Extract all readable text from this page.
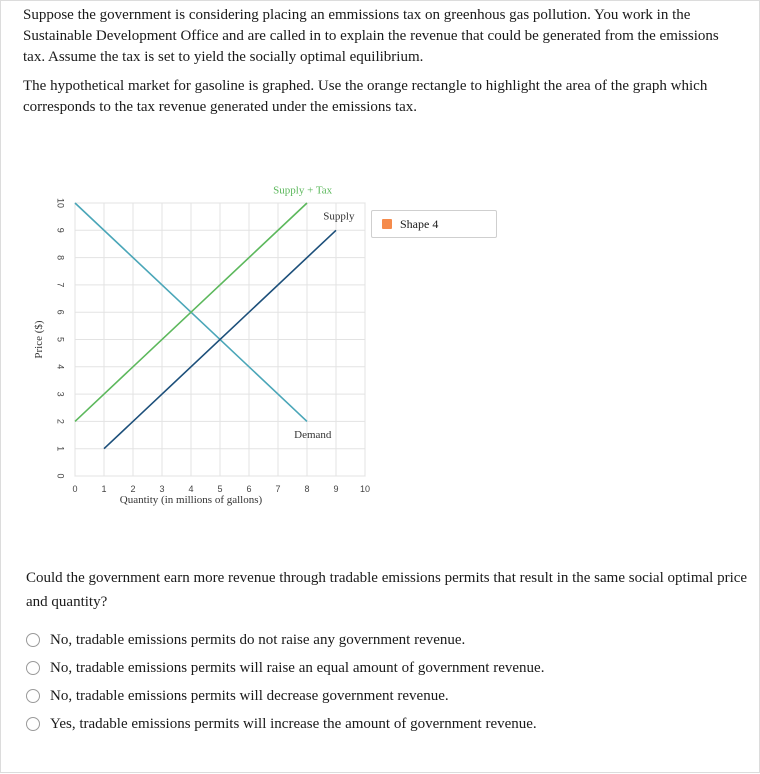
Suppose the government is considering placing an emmissions tax on greenhous gas pollution. You work in the Sustainable Development Office and are called in to explain the revenue that could be generated from the emissions tax. Assume the tax is set to yield the socially optimal equilibrium.

The hypothetical market for gasoline is graphed. Use the orange rectangle to highlight the area of the graph which corresponds to the tax revenue generated under the emissions tax.

0	1	2	3	4	5	6	7	8	9 10
0
1
2
3
4
5
6
7
8
9
10
Demand
Supply
Supply + Tax
Quantity (in millions of gallons)
Price ($)
Shape 4

Could the government earn more revenue through tradable emissions permits that result in the same social optimal price and quantity?

No, tradable emissions permits do not raise any government revenue.
No, tradable emissions permits will raise an equal amount of government revenue.
No, tradable emissions permits will decrease government revenue.
Yes, tradable emissions permits will increase the amount of government revenue.
